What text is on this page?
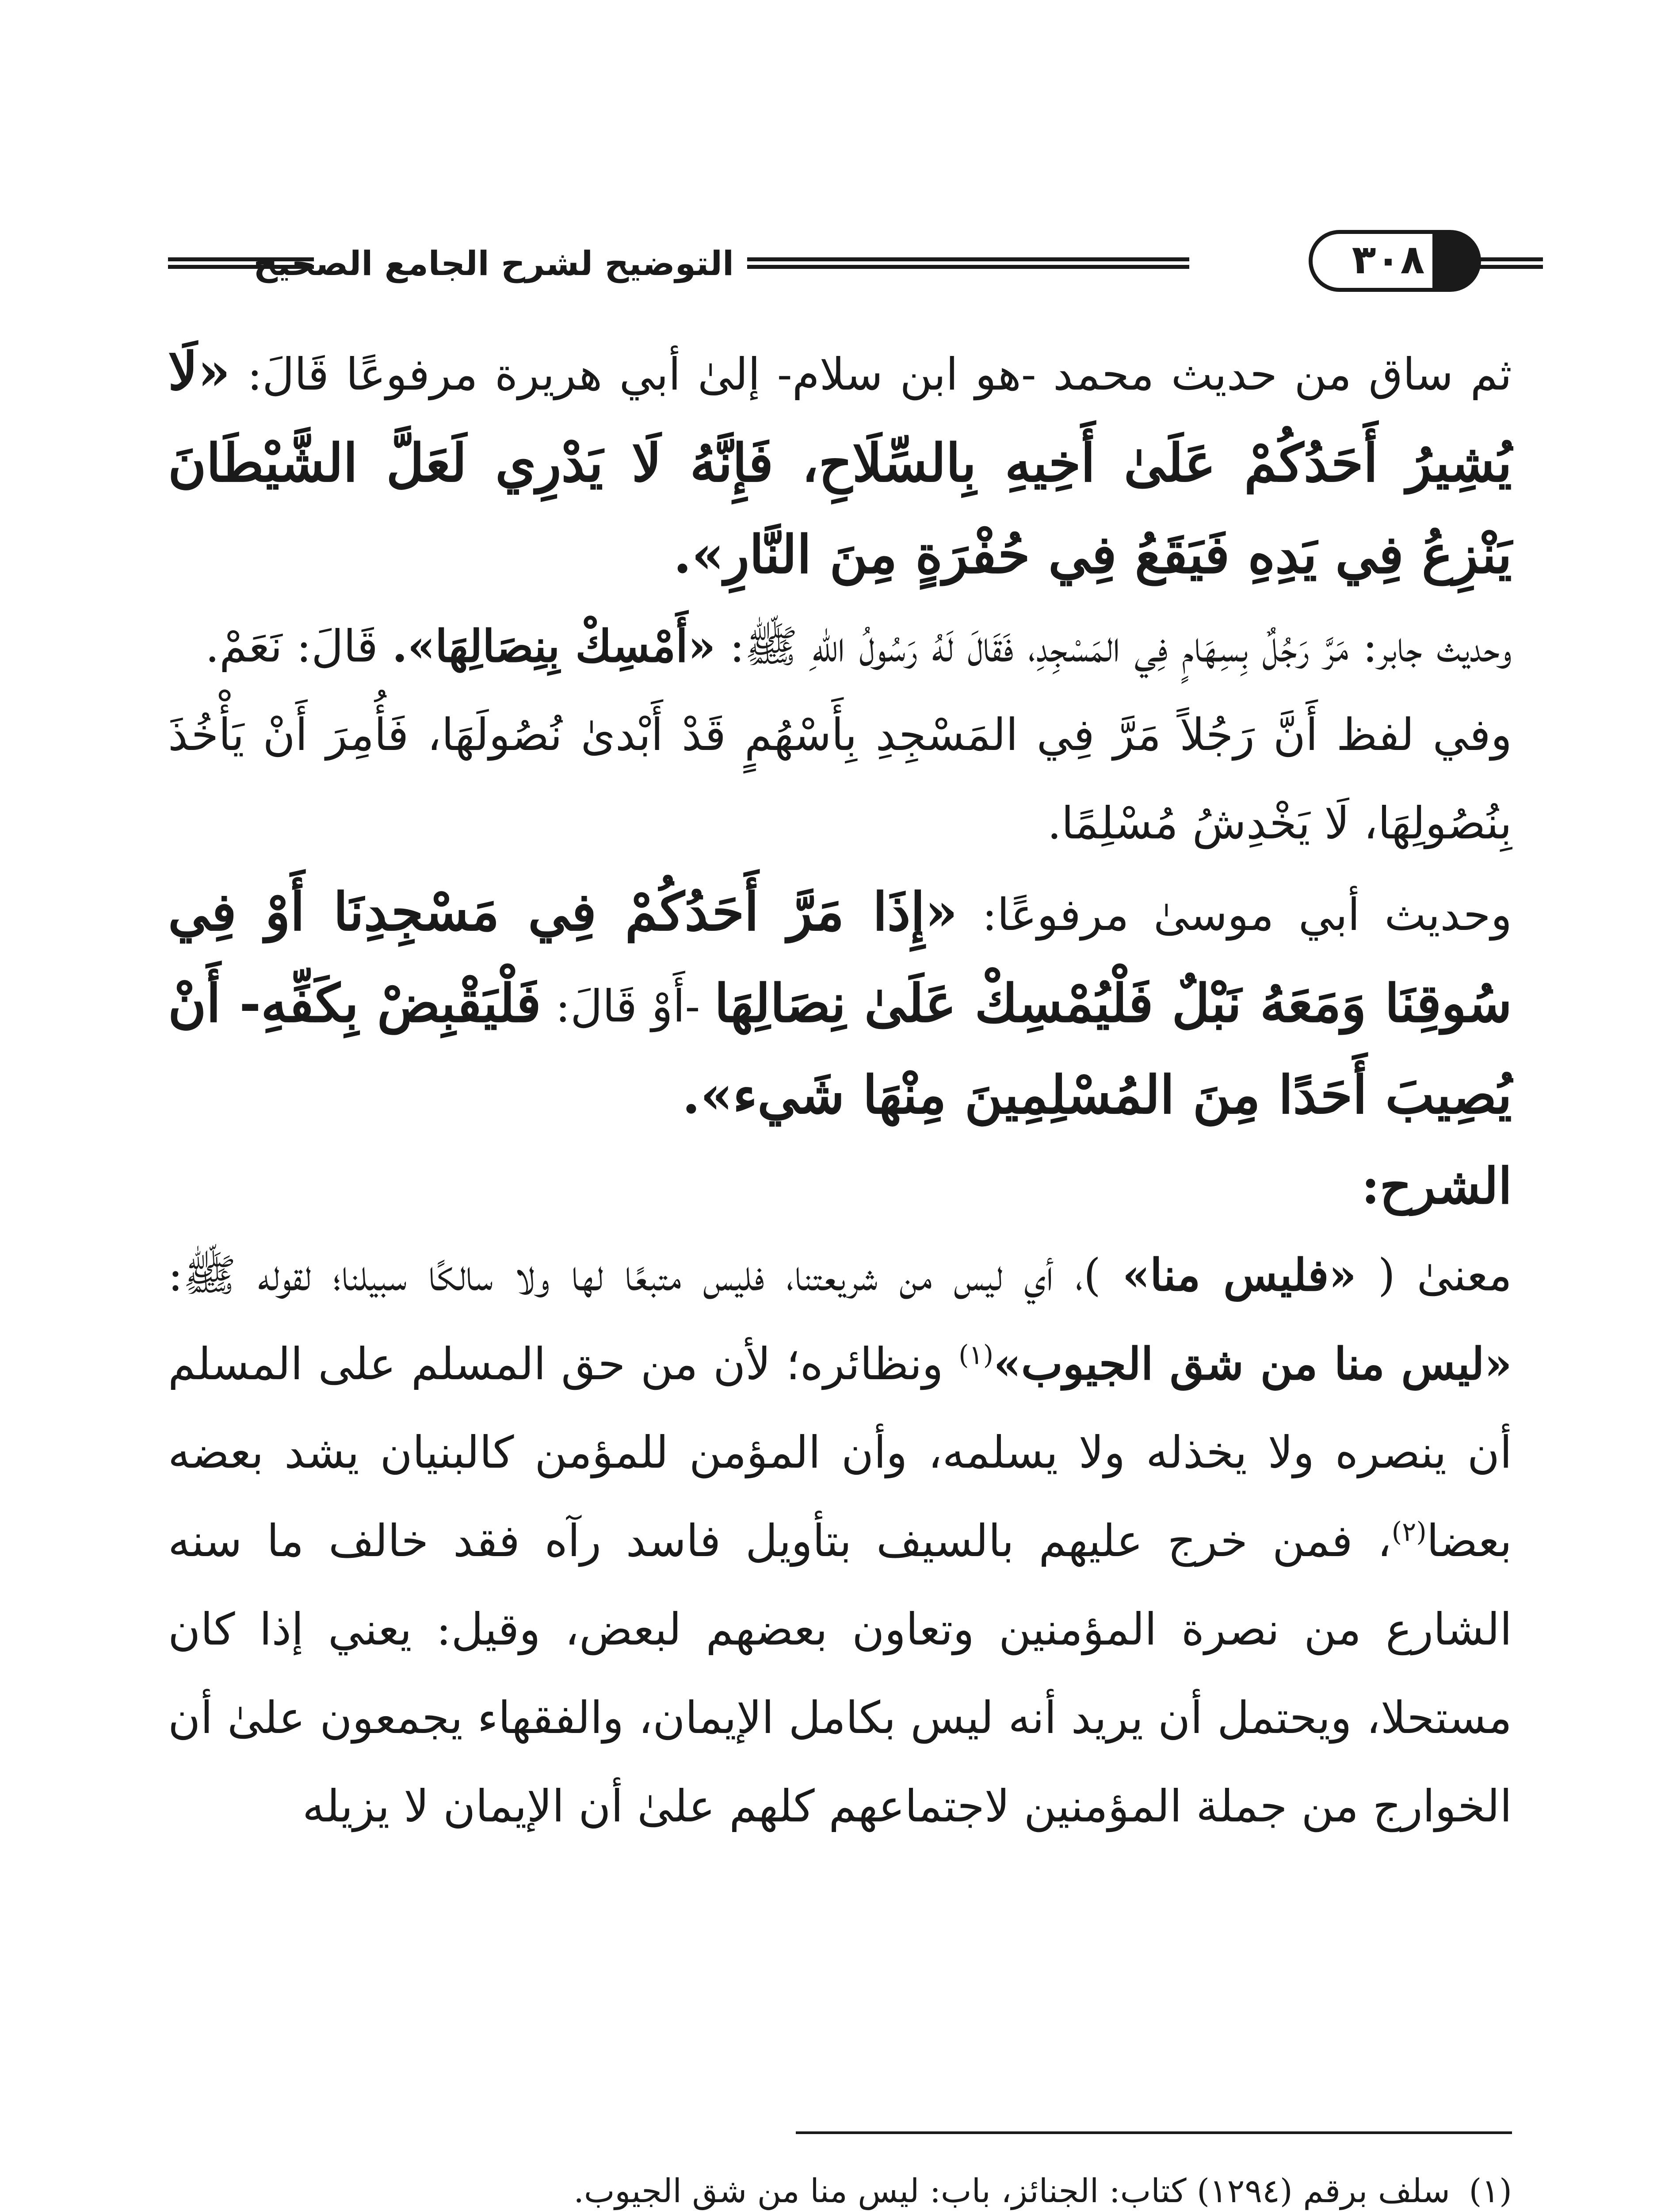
التوضيح لشرح الجامع الصحيح	٣٠٨

ثم ساق من حديث محمد -هو ابن سلام- إلىٰ أبي هريرة مرفوعًا قَالَ: «لَا يُشِيرُ أَحَدُكُمْ عَلَىٰ أَخِيهِ بِالسِّلَاحِ، فَإِنَّهُ لَا يَدْرِي لَعَلَّ الشَّيْطَانَ يَنْزِعُ فِي يَدِهِ فَيَقَعُ فِي حُفْرَةٍ مِنَ النَّارِ».

وحديث جابر: مَرَّ رَجُلٌ بِسِهَامٍ فِي المَسْجِدِ، فَقَالَ لَهُ رَسُولُ اللهِ ﷺ: «أَمْسِكْ بِنِصَالِهَا». قَالَ: نَعَمْ.

وفي لفظ أَنَّ رَجُلاً مَرَّ فِي المَسْجِدِ بِأَسْهُمٍ قَدْ أَبْدىٰ نُصُولَهَا، فَأُمِرَ أَنْ يَأْخُذَ بِنُصُولِهَا، لَا يَخْدِشُ مُسْلِمًا.

وحديث أبي موسىٰ مرفوعًا: «إِذَا مَرَّ أَحَدُكُمْ فِي مَسْجِدِنَا أَوْ فِي سُوقِنَا وَمَعَهُ نَبْلٌ فَلْيُمْسِكْ عَلَىٰ نِصَالِهَا -أَوْ قَالَ: فَلْيَقْبِضْ بِكَفِّهِ- أَنْ يُصِيبَ أَحَدًا مِنَ المُسْلِمِينَ مِنْهَا شَيء».

الشرح:

معنىٰ ( «فليس منا» )، أي ليس من شريعتنا، فليس متبعًا لها ولا سالكًا سبيلنا؛ لقوله ﷺ: «ليس منا من شق الجيوب»$^{(١)}$ ونظائره؛ لأن من حق المسلم على المسلم أن ينصره ولا يخذله ولا يسلمه، وأن المؤمن للمؤمن كالبنيان يشد بعضه بعضا$^{(٢)}$، فمن خرج عليهم بالسيف بتأويل فاسد رآه فقد خالف ما سنه الشارع من نصرة المؤمنين وتعاون بعضهم لبعض، وقيل: يعني إذا كان مستحلا، ويحتمل أن يريد أنه ليس بكامل الإيمان، والفقهاء يجمعون علىٰ أن الخوارج من جملة المؤمنين لاجتماعهم كلهم علىٰ أن الإيمان لا يزيله

(١)
سلف برقم (١٢٩٤) كتاب: الجنائز، باب: ليس منا من شق الجيوب.
